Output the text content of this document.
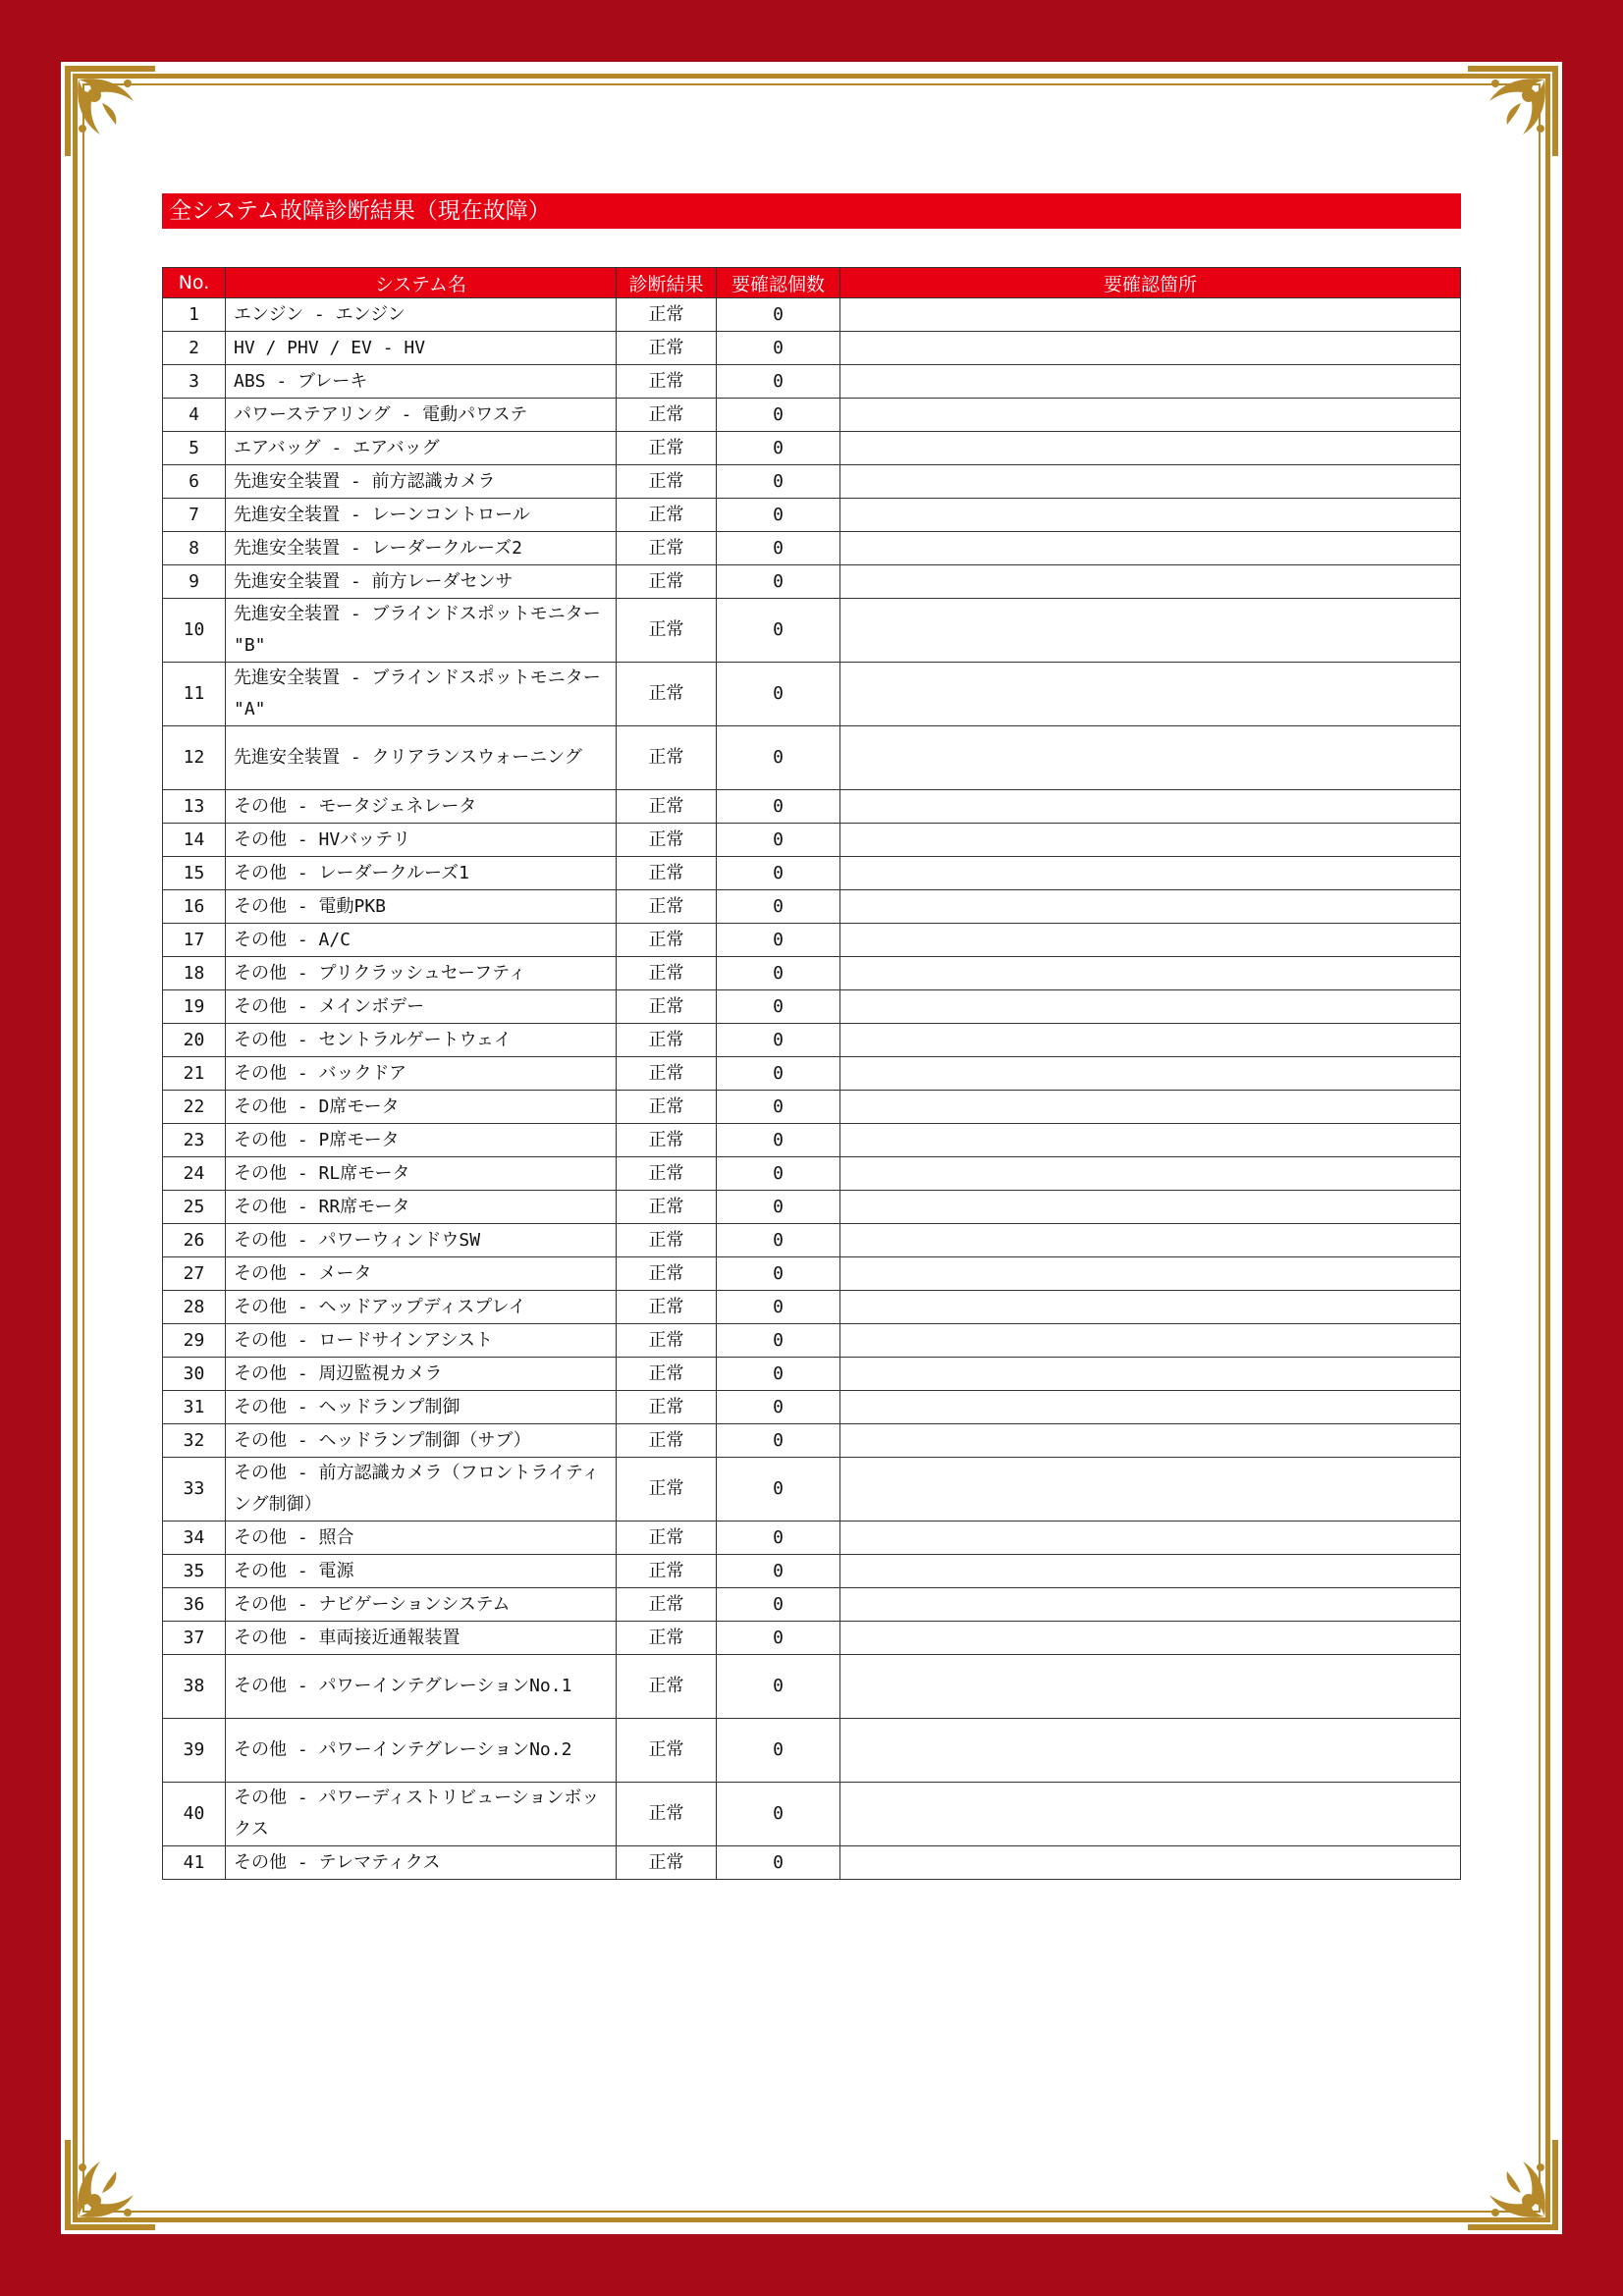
全システム故障診断結果（現在故障）
No.	システム名	診断結果	要確認個数	要確認箇所
1	エンジン - エンジン	正常	0	
2	HV / PHV / EV - HV	正常	0	
3	ABS - ブレーキ	正常	0	
4	パワーステアリング - 電動パワステ	正常	0	
5	エアバッグ - エアバッグ	正常	0	
6	先進安全装置 - 前方認識カメラ	正常	0	
7	先進安全装置 - レーンコントロール	正常	0	
8	先進安全装置 - レーダークルーズ2	正常	0	
9	先進安全装置 - 前方レーダセンサ	正常	0	
10	先進安全装置 - ブラインドスポットモニター "B"	正常	0	
11	先進安全装置 - ブラインドスポットモニター "A"	正常	0	
12	先進安全装置 - クリアランスウォーニング	正常	0	
13	その他 - モータジェネレータ	正常	0	
14	その他 - HVバッテリ	正常	0	
15	その他 - レーダークルーズ1	正常	0	
16	その他 - 電動PKB	正常	0	
17	その他 - A/C	正常	0	
18	その他 - プリクラッシュセーフティ	正常	0	
19	その他 - メインボデー	正常	0	
20	その他 - セントラルゲートウェイ	正常	0	
21	その他 - バックドア	正常	0	
22	その他 - D席モータ	正常	0	
23	その他 - P席モータ	正常	0	
24	その他 - RL席モータ	正常	0	
25	その他 - RR席モータ	正常	0	
26	その他 - パワーウィンドウSW	正常	0	
27	その他 - メータ	正常	0	
28	その他 - ヘッドアップディスプレイ	正常	0	
29	その他 - ロードサインアシスト	正常	0	
30	その他 - 周辺監視カメラ	正常	0	
31	その他 - ヘッドランプ制御	正常	0	
32	その他 - ヘッドランプ制御（サブ）	正常	0	
33	その他 - 前方認識カメラ（フロントライティング制御）	正常	0	
34	その他 - 照合	正常	0	
35	その他 - 電源	正常	0	
36	その他 - ナビゲーションシステム	正常	0	
37	その他 - 車両接近通報装置	正常	0	
38	その他 - パワーインテグレーションNo.1	正常	0	
39	その他 - パワーインテグレーションNo.2	正常	0	
40	その他 - パワーディストリビューションボックス	正常	0	
41	その他 - テレマティクス	正常	0	
